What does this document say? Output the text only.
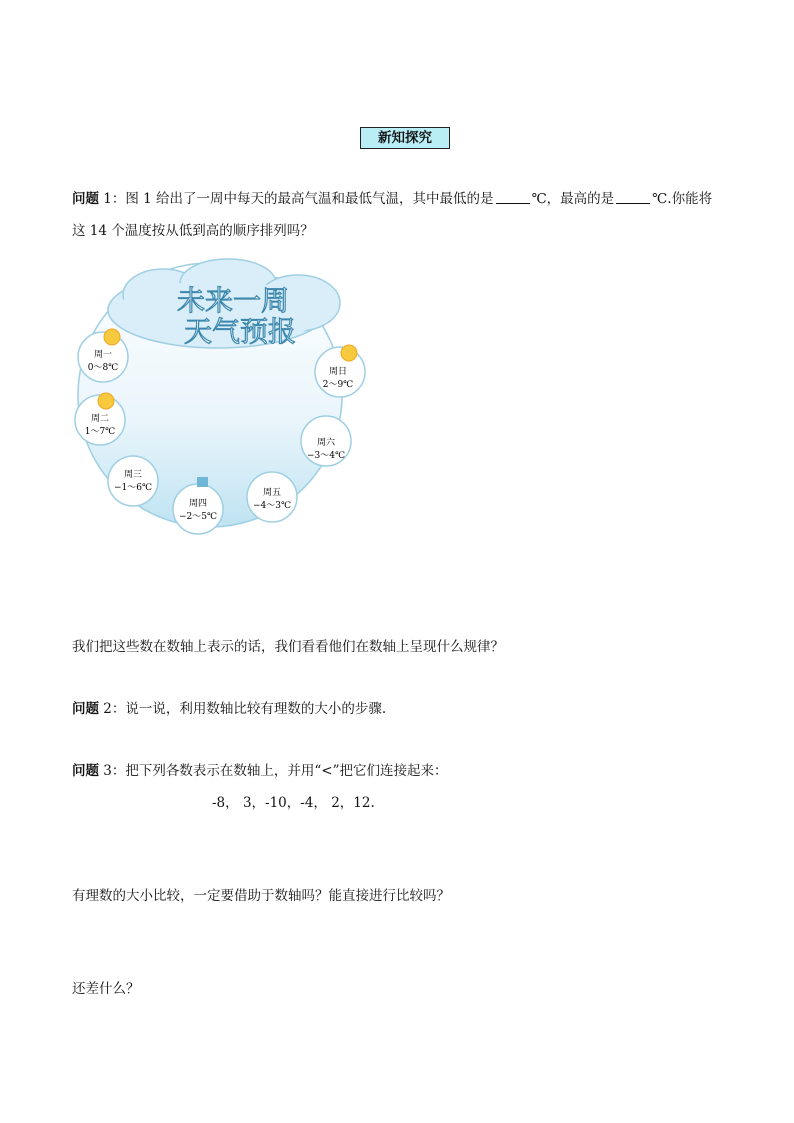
新知探究
问题 1：图 1 给出了一周中每天的最高气温和最低气温，其中最低的是	℃，最高的是	℃.你能将
这 14 个温度按从低到高的顺序排列吗？
未来一周
天气预报
周一
0～8℃
周二
1～7℃
周三
−1～6℃
周四
−2～5℃
周五
−4～3℃
周六
−3～4℃
周日
2～9℃
我们把这些数在数轴上表示的话，我们看看他们在数轴上呈现什么规律？
问题 2：说一说，利用数轴比较有理数的大小的步骤.
问题 3：把下列各数表示在数轴上，并用“<”把它们连接起来：
-8， 3，-10，-4， 2，12.
有理数的大小比较，一定要借助于数轴吗？能直接进行比较吗？
还差什么？
